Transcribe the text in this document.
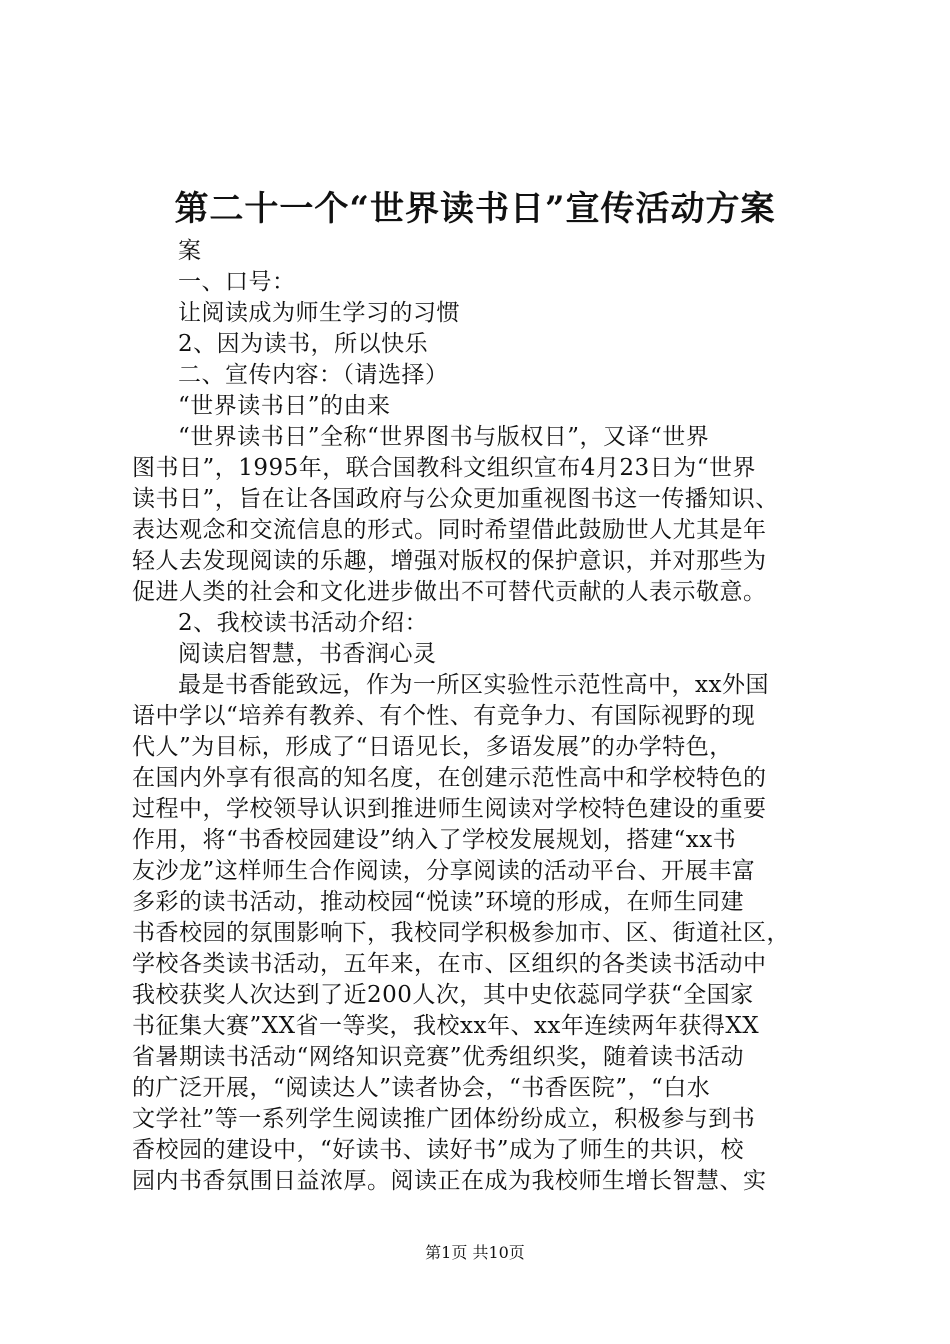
第二十一个“世界读书日”宣传活动方案
案
一、口号：
让阅读成为师生学习的习惯
2、因为读书，所以快乐
二、宣传内容：（请选择）
“世界读书日”的由来
“世界读书日”全称“世界图书与版权日”，又译“世界
图书日”，1995年，联合国教科文组织宣布4月23日为“世界
读书日”，旨在让各国政府与公众更加重视图书这一传播知识、
表达观念和交流信息的形式。同时希望借此鼓励世人尤其是年
轻人去发现阅读的乐趣，增强对版权的保护意识，并对那些为
促进人类的社会和文化进步做出不可替代贡献的人表示敬意。
2、我校读书活动介绍：
阅读启智慧，书香润心灵
最是书香能致远，作为一所区实验性示范性高中，xx外国
语中学以“培养有教养、有个性、有竞争力、有国际视野的现
代人”为目标，形成了“日语见长，多语发展”的办学特色，
在国内外享有很高的知名度，在创建示范性高中和学校特色的
过程中，学校领导认识到推进师生阅读对学校特色建设的重要
作用，将“书香校园建设”纳入了学校发展规划，搭建“xx书
友沙龙”这样师生合作阅读，分享阅读的活动平台、开展丰富
多彩的读书活动，推动校园“悦读”环境的形成，在师生同建
书香校园的氛围影响下，我校同学积极参加市、区、街道社区，
学校各类读书活动，五年来，在市、区组织的各类读书活动中
我校获奖人次达到了近200人次，其中史依蕊同学获“全国家
书征集大赛”XX省一等奖，我校xx年、xx年连续两年获得XX
省暑期读书活动“网络知识竞赛”优秀组织奖，随着读书活动
的广泛开展，“阅读达人”读者协会，“书香医院”，“白水
文学社”等一系列学生阅读推广团体纷纷成立，积极参与到书
香校园的建设中，“好读书、读好书”成为了师生的共识，校
园内书香氛围日益浓厚。阅读正在成为我校师生增长智慧、实
第1页 共10页
